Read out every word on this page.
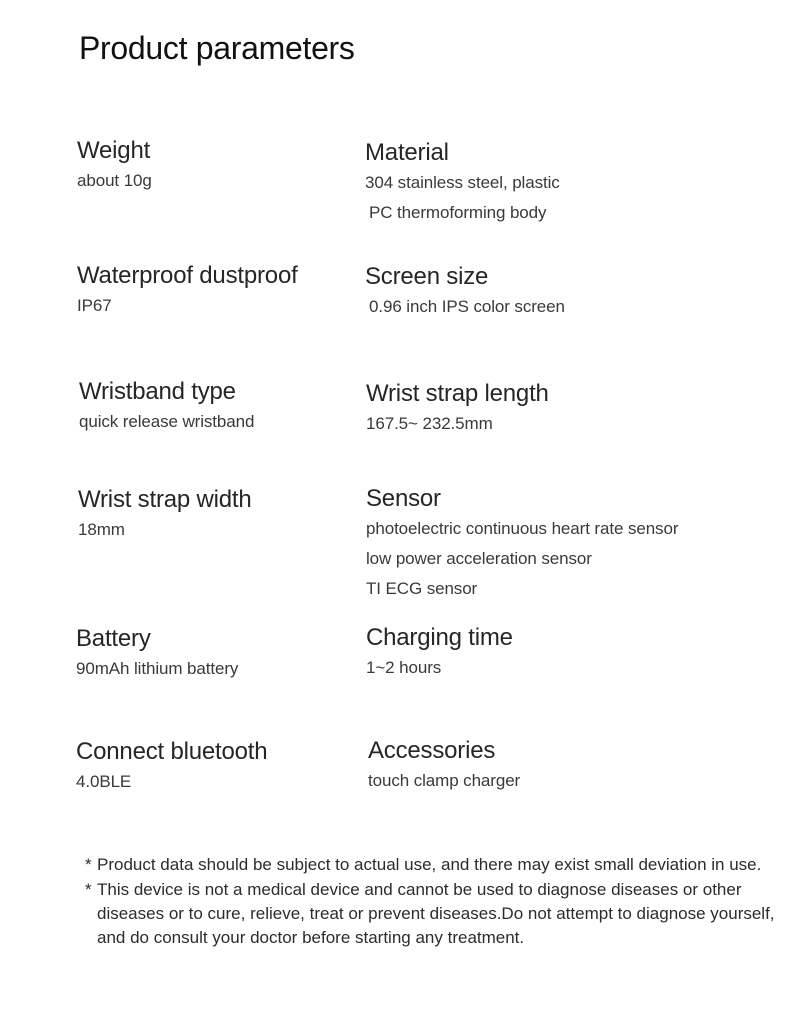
Product parameters
Weight
about 10g
Material
304 stainless steel, plastic
PC thermoforming body
Waterproof dustproof
IP67
Screen size
0.96 inch IPS color screen
Wristband type
quick release wristband
Wrist strap length
167.5~ 232.5mm
Wrist strap width
18mm
Sensor
photoelectric continuous heart rate sensor
low power acceleration sensor
TI ECG sensor
Battery
90mAh lithium battery
Charging time
1~2 hours
Connect bluetooth
4.0BLE
Accessories
touch clamp charger

* Product data should be subject to actual use, and there may exist small deviation in use.

* This device is not a medical device and cannot be used to diagnose diseases or other diseases or to cure, relieve, treat or prevent diseases.Do not attempt to diagnose yourself, and do consult your doctor before starting any treatment.
